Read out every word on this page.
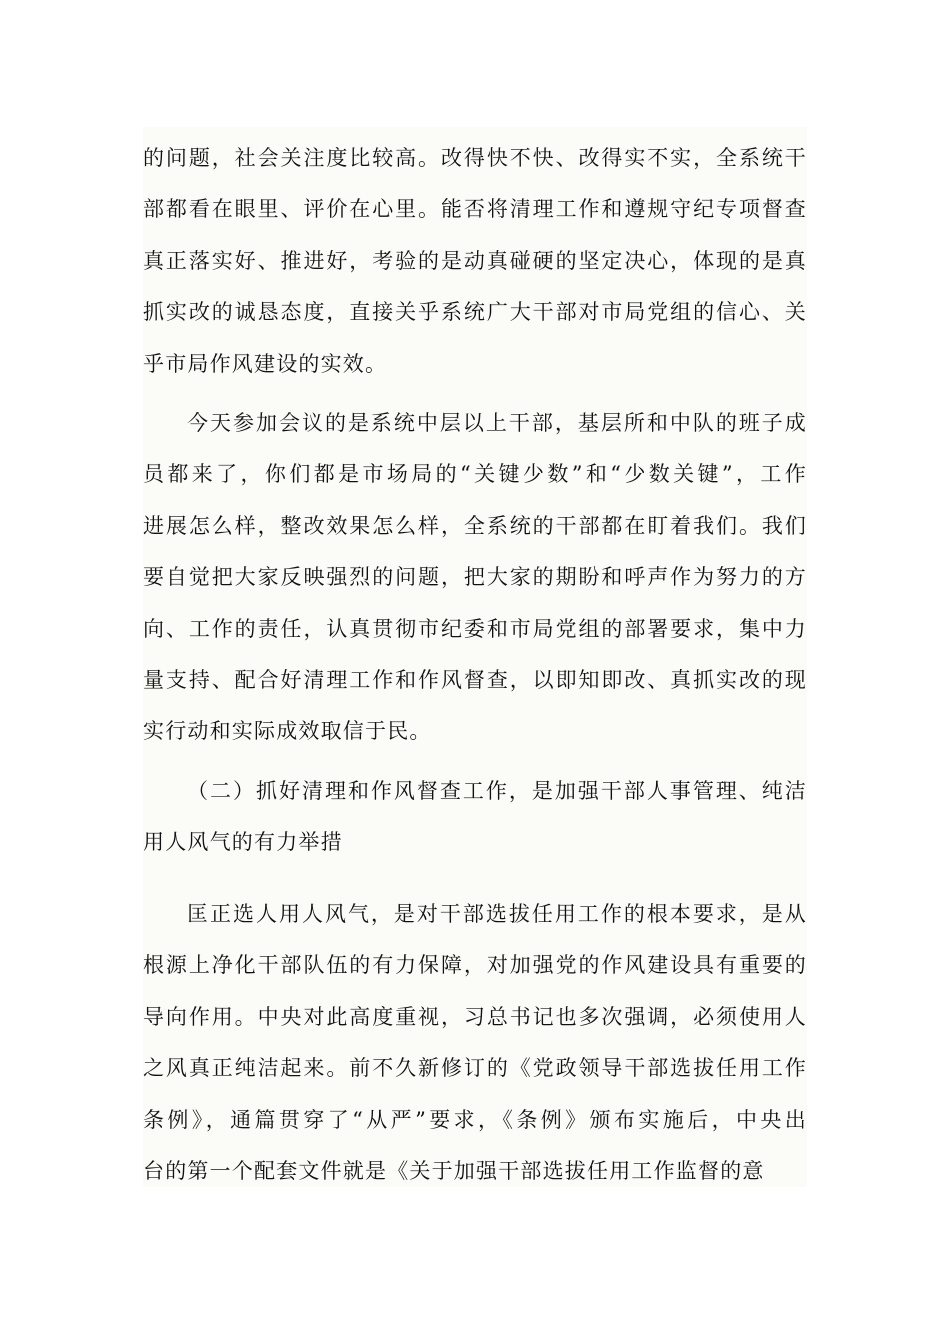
的问题，社会关注度比较高。改得快不快、改得实不实，全系统干
部都看在眼里、评价在心里。能否将清理工作和遵规守纪专项督查
真正落实好、推进好，考验的是动真碰硬的坚定决心，体现的是真
抓实改的诚恳态度，直接关乎系统广大干部对市局党组的信心、关
乎市局作风建设的实效。
今天参加会议的是系统中层以上干部，基层所和中队的班子成
员都来了，你们都是市场局的“关键少数”和“少数关键”，工作
进展怎么样，整改效果怎么样，全系统的干部都在盯着我们。我们
要自觉把大家反映强烈的问题，把大家的期盼和呼声作为努力的方
向、工作的责任，认真贯彻市纪委和市局党组的部署要求，集中力
量支持、配合好清理工作和作风督查，以即知即改、真抓实改的现
实行动和实际成效取信于民。
（二）抓好清理和作风督查工作，是加强干部人事管理、纯洁
用人风气的有力举措
匡正选人用人风气，是对干部选拔任用工作的根本要求，是从
根源上净化干部队伍的有力保障，对加强党的作风建设具有重要的
导向作用。中央对此高度重视，习总书记也多次强调，必须使用人
之风真正纯洁起来。前不久新修订的《党政领导干部选拔任用工作
条例》，通篇贯穿了“从严”要求，《条例》颁布实施后，中央出
台的第一个配套文件就是《关于加强干部选拔任用工作监督的意
